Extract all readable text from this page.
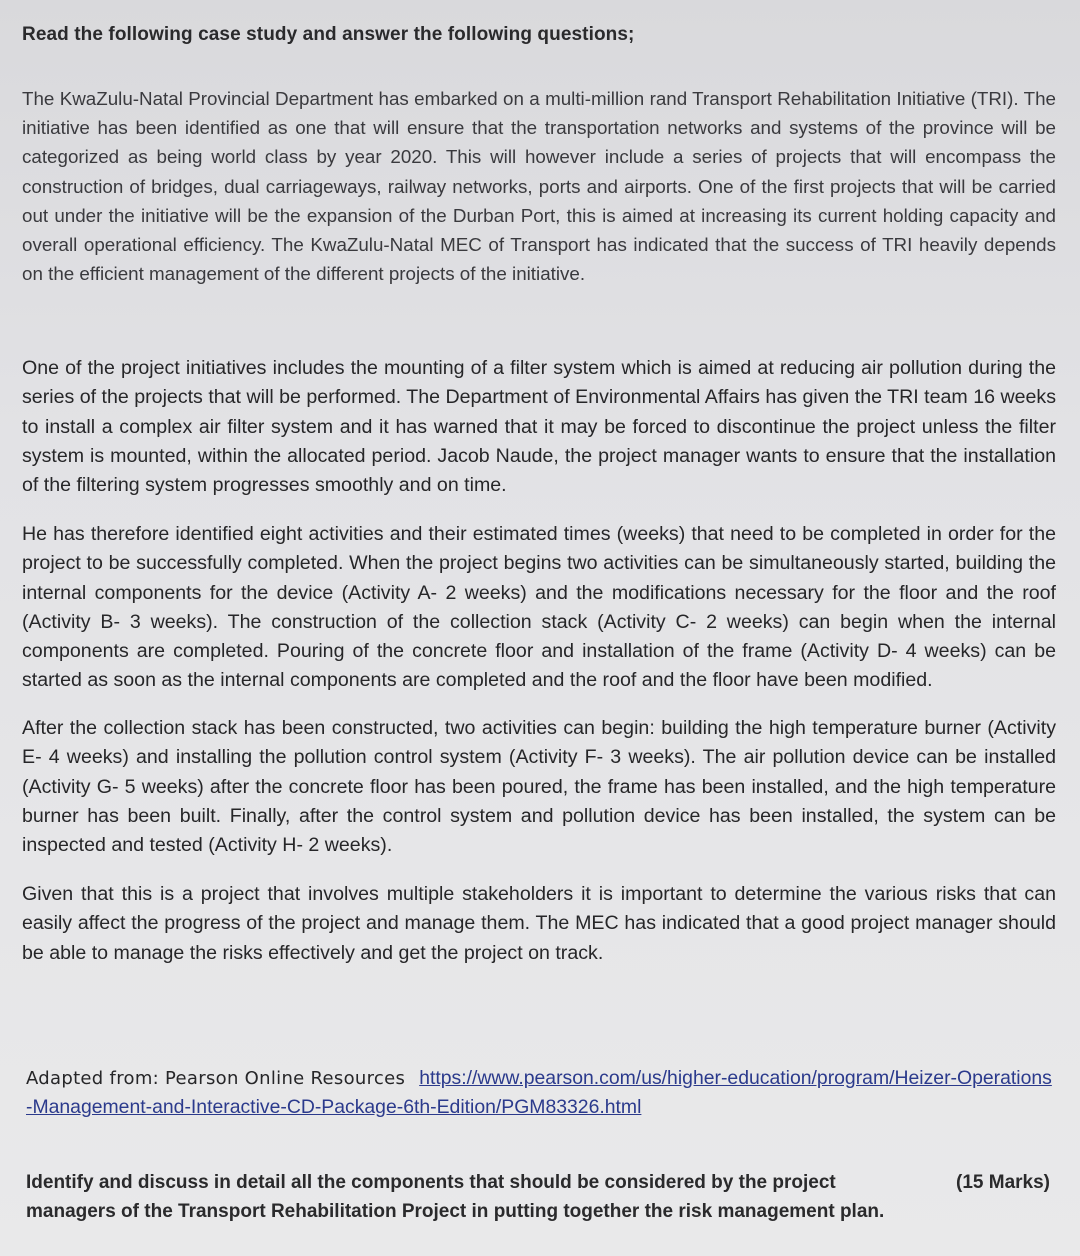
Read the following case study and answer the following questions;

The KwaZulu-Natal Provincial Department has embarked on a multi-million rand Transport Rehabilitation Initiative (TRI). The initiative has been identified as one that will ensure that the transportation networks and systems of the province will be categorized as being world class by year 2020. This will however include a series of projects that will encompass the construction of bridges, dual carriageways, railway networks, ports and airports. One of the first projects that will be carried out under the initiative will be the expansion of the Durban Port, this is aimed at increasing its current holding capacity and overall operational efficiency. The KwaZulu-Natal MEC of Transport has indicated that the success of TRI heavily depends on the efficient management of the different projects of the initiative.

One of the project initiatives includes the mounting of a filter system which is aimed at reducing air pollution during the series of the projects that will be performed. The Department of Environmental Affairs has given the TRI team 16 weeks to install a complex air filter system and it has warned that it may be forced to discontinue the project unless the filter system is mounted, within the allocated period. Jacob Naude, the project manager wants to ensure that the installation of the filtering system progresses smoothly and on time.

He has therefore identified eight activities and their estimated times (weeks) that need to be completed in order for the project to be successfully completed. When the project begins two activities can be simultaneously started, building the internal components for the device (Activity A- 2 weeks) and the modifications necessary for the floor and the roof (Activity B- 3 weeks). The construction of the collection stack (Activity C- 2 weeks) can begin when the internal components are completed. Pouring of the concrete floor and installation of the frame (Activity D- 4 weeks) can be started as soon as the internal components are completed and the roof and the floor have been modified.

After the collection stack has been constructed, two activities can begin: building the high temperature burner (Activity E- 4 weeks) and installing the pollution control system (Activity F- 3 weeks). The air pollution device can be installed (Activity G- 5 weeks) after the concrete floor has been poured, the frame has been installed, and the high temperature burner has been built. Finally, after the control system and pollution device has been installed, the system can be inspected and tested (Activity H- 2 weeks).

Given that this is a project that involves multiple stakeholders it is important to determine the various risks that can easily affect the progress of the project and manage them. The MEC has indicated that a good project manager should be able to manage the risks effectively and get the project on track.

Adapted from: Pearson Online Resources https://www.pearson.com/us/higher-education/program/Heizer-Operations-Management-and-Interactive-CD-Package-6th-Edition/PGM83326.html
Identify and discuss in detail all the components that should be considered by the project managers of the Transport Rehabilitation Project in putting together the risk management plan.
(15 Marks)
